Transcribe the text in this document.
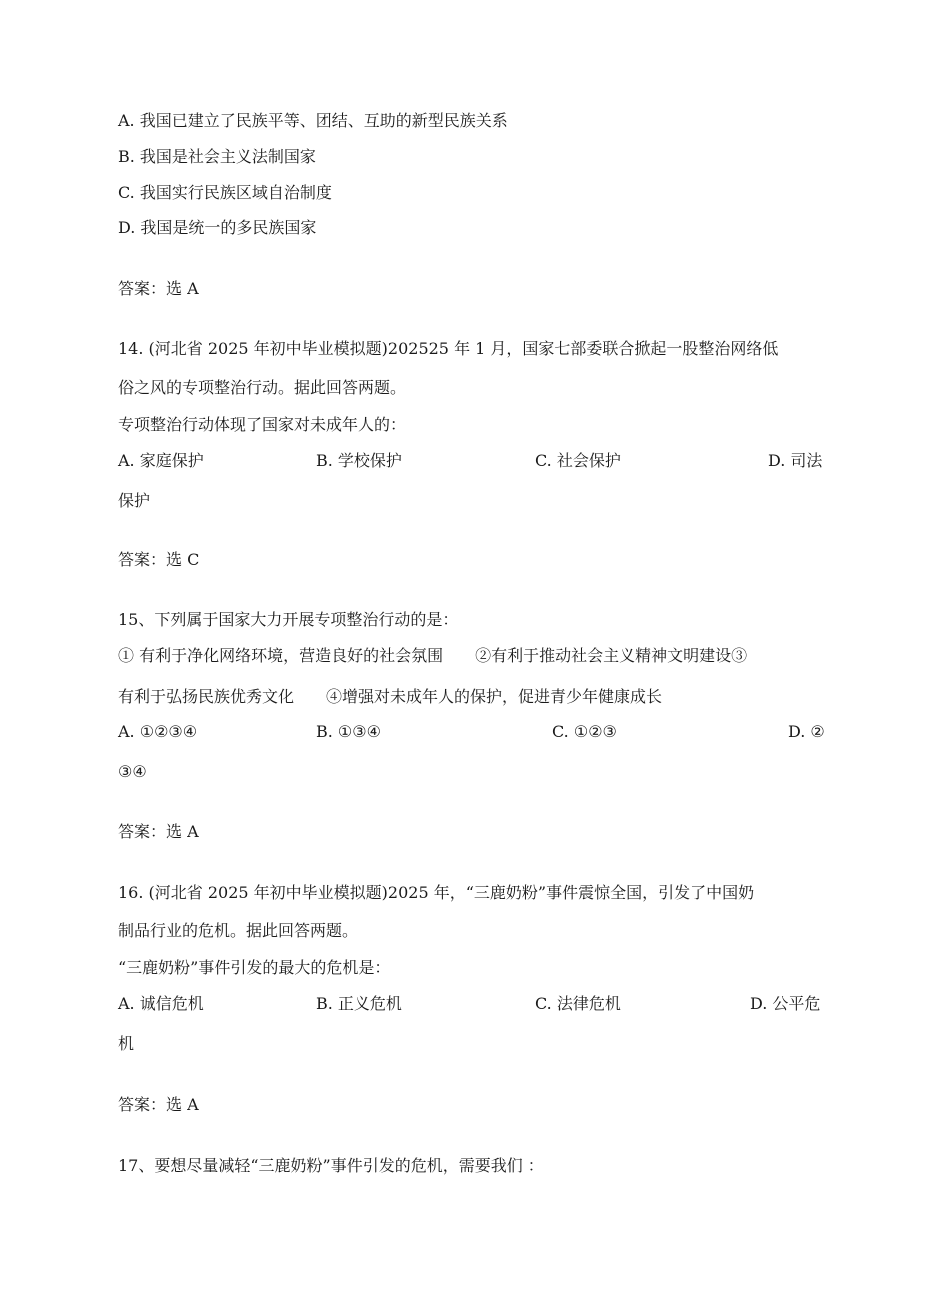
A. 我国已建立了民族平等、团结、互助的新型民族关系
B. 我国是社会主义法制国家
C. 我国实行民族区域自治制度
D. 我国是统一的多民族国家
答案：选 A
14. (河北省 2025 年初中毕业模拟题)202525 年 1 月，国家七部委联合掀起一股整治网络低
俗之风的专项整治行动。据此回答两题。
专项整治行动体现了国家对未成年人的：
A. 家庭保护	B. 学校保护	C. 社会保护	D. 司法
保护
答案：选 C
15、下列属于国家大力开展专项整治行动的是：
① 有利于净化网络环境，营造良好的社会氛围　　②有利于推动社会主义精神文明建设③
有利于弘扬民族优秀文化　　④增强对未成年人的保护，促进青少年健康成长
A. ①②③④	B. ①③④	C. ①②③	D. ②
③④
答案：选 A
16. (河北省 2025 年初中毕业模拟题)2025 年，“三鹿奶粉”事件震惊全国，引发了中国奶
制品行业的危机。据此回答两题。
“三鹿奶粉”事件引发的最大的危机是：
A. 诚信危机	B. 正义危机	C. 法律危机	D. 公平危
机
答案：选 A
17、要想尽量减轻“三鹿奶粉”事件引发的危机，需要我们 ：
